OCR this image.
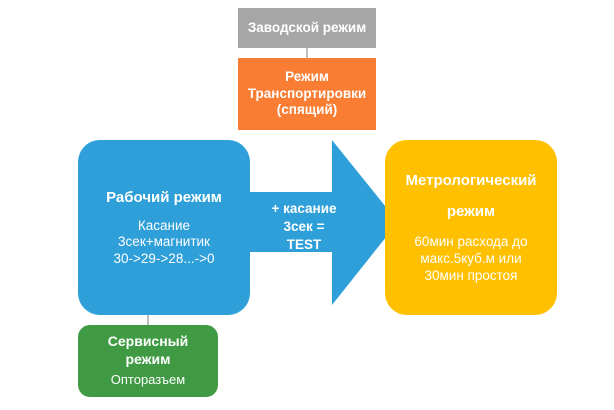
Заводской режим
Режим
Транспортировки
(спящий)
+ касание
3сек =
TEST
Рабочий режим
Касание
3сек+магнитик
30->29->28...->0
Сервисный
режим
Опторазъем
Метрологический
режим
60мин расхода до
макс.5куб.м или
30мин простоя
